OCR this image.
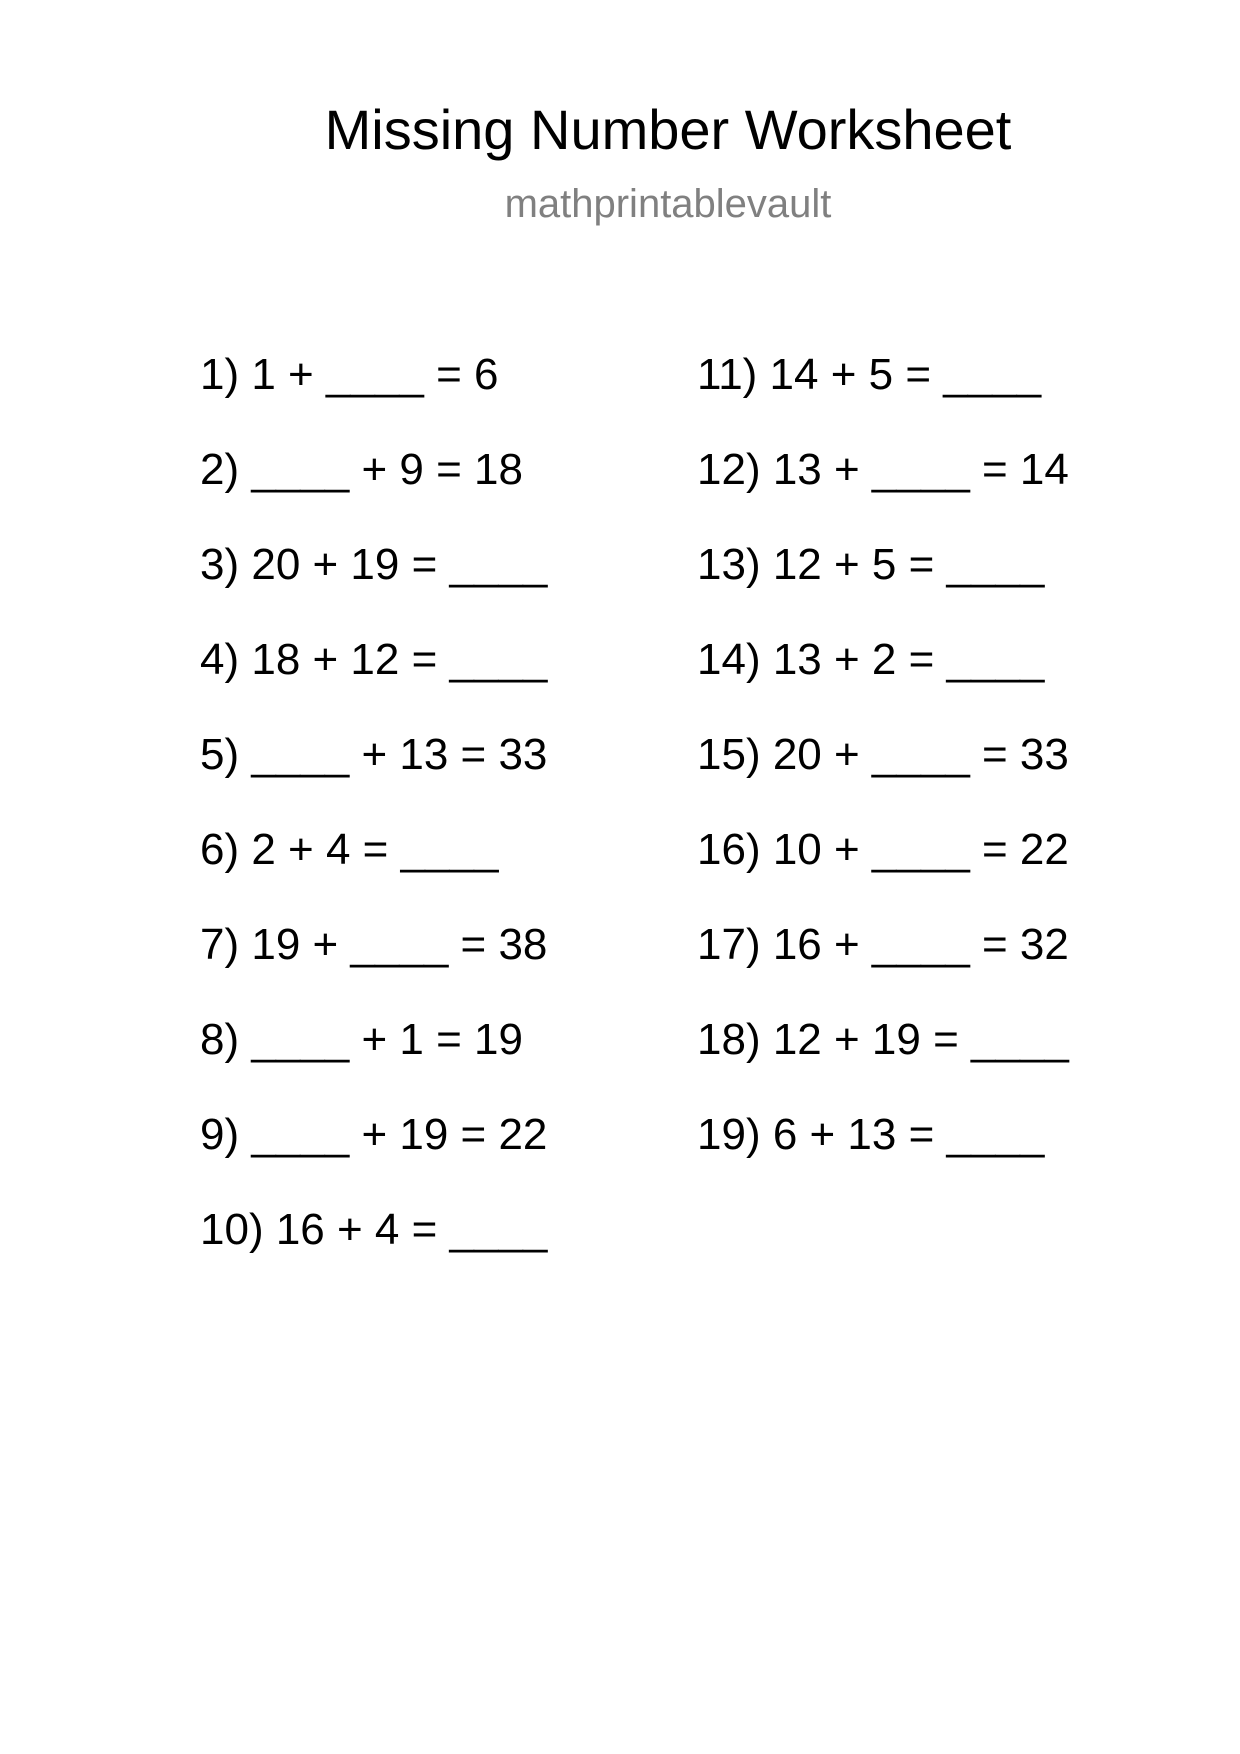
Missing Number Worksheet
mathprintablevault

1) 1 + ____ = 6

2) ____ + 9 = 18

3) 20 + 19 = ____

4) 18 + 12 = ____

5) ____ + 13 = 33

6) 2 + 4 = ____

7) 19 + ____ = 38

8) ____ + 1 = 19

9) ____ + 19 = 22

10) 16 + 4 = ____

11) 14 + 5 = ____

12) 13 + ____ = 14

13) 12 + 5 = ____

14) 13 + 2 = ____

15) 20 + ____ = 33

16) 10 + ____ = 22

17) 16 + ____ = 32

18) 12 + 19 = ____

19) 6 + 13 = ____
